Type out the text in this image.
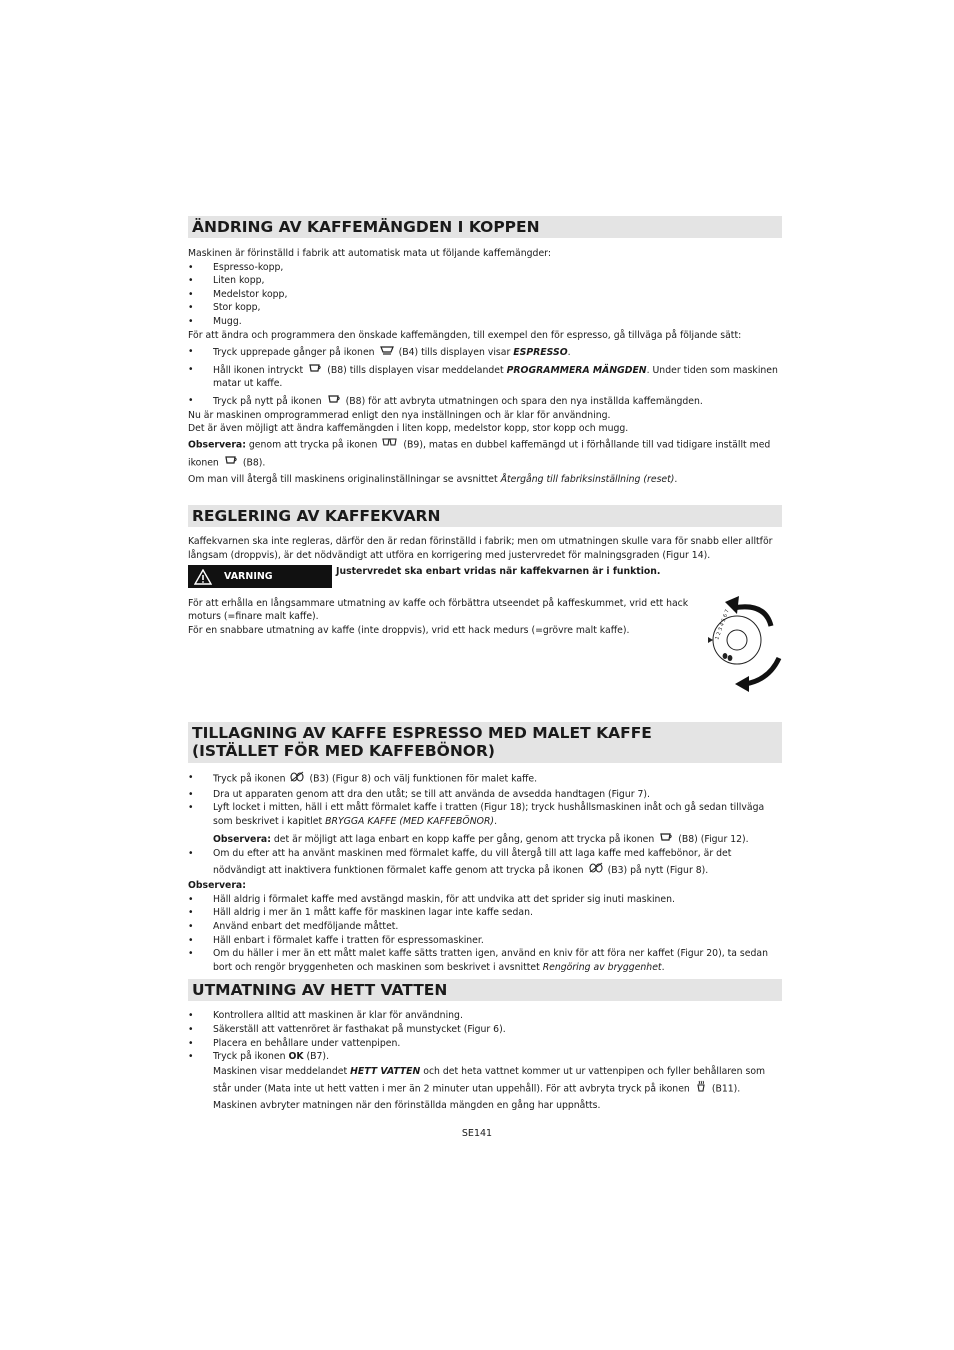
ÄNDRING AV KAFFEMÄNGDEN I KOPPEN

Maskinen är förinställd i fabrik att automatisk mata ut följande kaffemängder:

• Espresso-kopp,
• Liten kopp,
• Medelstor kopp,
• Stor kopp,
• Mugg.

För att ändra och programmera den önskade kaffemängden, till exempel den för espresso, gå tillväga på följande sätt:

• Tryck upprepade gånger på ikonen	(B4) tills displayen visar ESPRESSO.
• Håll ikonen intryckt	(B8) tills displayen visar meddelandet PROGRAMMERA MÄNGDEN. Under tiden som maskinen matar ut kaffe.
• Tryck på nytt på ikonen	(B8) för att avbryta utmatningen och spara den nya inställda kaffemängden.

Nu är maskinen omprogrammerad enligt den nya inställningen och är klar för användning.

Det är även möjligt att ändra kaffemängden i liten kopp, medelstor kopp, stor kopp och mugg.

Observera: genom att trycka på ikonen	(B9), matas en dubbel kaffemängd ut i förhållande till vad tidigare inställt med
ikonen	(B8).

Om man vill återgå till maskinens originalinställningar se avsnittet Återgång till fabriksinställning (reset).

REGLERING AV KAFFEKVARN

Kaffekvarnen ska inte regleras, därför den är redan förinställd i fabrik; men om utmatningen skulle vara för snabb eller alltför långsam (droppvis), är det nödvändigt att utföra en korrigering med justervredet för malningsgraden (Figur 14).

VARNING	Justervredet ska enbart vridas när kaffekvarnen är i funktion.

För att erhålla en långsammare utmatning av kaffe och förbättra utseendet på kaffeskummet, vrid ett hack moturs (=finare malt kaffe).

För en snabbare utmatning av kaffe (inte droppvis), vrid ett hack medurs (=grövre malt kaffe).

TILLAGNING AV KAFFE ESPRESSO MED MALET KAFFE
(ISTÄLLET FÖR MED KAFFEBÖNOR)
• Tryck på ikonen	(B3) (Figur 8) och välj funktionen för malet kaffe.
• Dra ut apparaten genom att dra den utåt; se till att använda de avsedda handtagen (Figur 7).
• Lyft locket i mitten, häll i ett mått förmalet kaffe i tratten (Figur 18); tryck hushållsmaskinen inåt och gå sedan tillväga som beskrivet i kapitlet BRYGGA KAFFE (MED KAFFEBÖNOR).
Observera: det är möjligt att laga enbart en kopp kaffe per gång, genom att trycka på ikonen	(B8) (Figur 12).
• Om du efter att ha använt maskinen med förmalet kaffe, du vill återgå till att laga kaffe med kaffebönor, är det nödvändigt att inaktivera funktionen förmalet kaffe genom att trycka på ikonen	(B3) på nytt (Figur 8).

Observera:

• Häll aldrig i förmalet kaffe med avstängd maskin, för att undvika att det sprider sig inuti maskinen.
• Häll aldrig i mer än 1 mått kaffe för maskinen lagar inte kaffe sedan.
• Använd enbart det medföljande måttet.
• Häll enbart i förmalet kaffe i tratten för espressomaskiner.
• Om du häller i mer än ett mått malet kaffe sätts tratten igen, använd en kniv för att föra ner kaffet (Figur 20), ta sedan bort och rengör bryggenheten och maskinen som beskrivet i avsnittet Rengöring av bryggenhet.
UTMATNING AV HETT VATTEN
• Kontrollera alltid att maskinen är klar för användning.
• Säkerställ att vattenröret är fasthakat på munstycket (Figur 6).
• Placera en behållare under vattenpipen.
• Tryck på ikonen OK (B7).
Maskinen visar meddelandet HETT VATTEN och det heta vattnet kommer ut ur vattenpipen och fyller behållaren som står under (Mata inte ut hett vatten i mer än 2 minuter utan uppehåll). För att avbryta tryck på ikonen (B11). Maskinen avbryter matningen när den förinställda mängden en gång har uppnåtts.
1 2 3 4 5 6 7
SE141
